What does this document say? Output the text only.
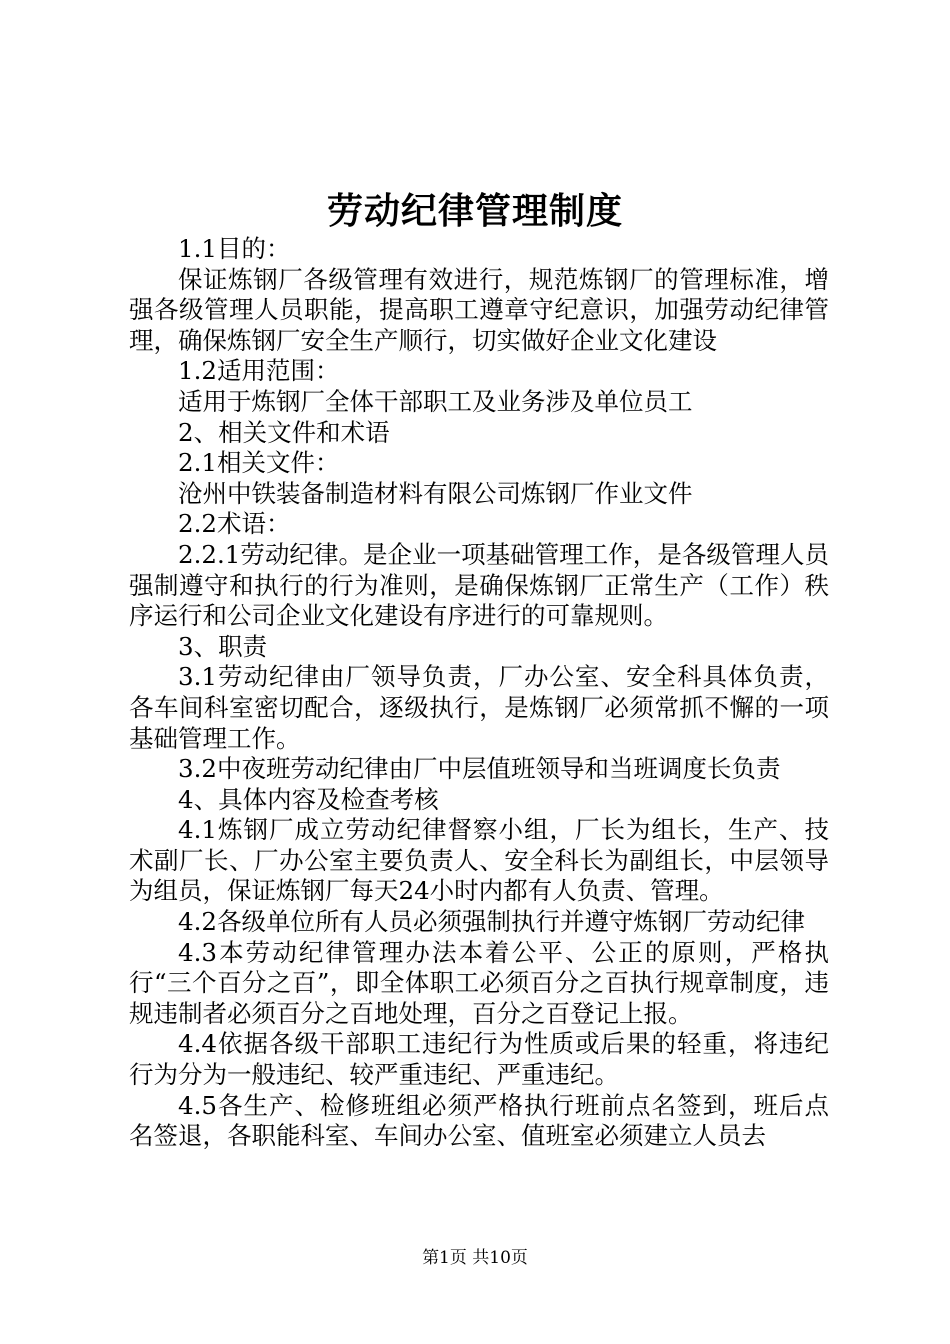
劳动纪律管理制度

1.1目的：

保证炼钢厂各级管理有效进行，规范炼钢厂的管理标准，增强各级管理人员职能，提高职工遵章守纪意识，加强劳动纪律管理，确保炼钢厂安全生产顺行，切实做好企业文化建设

1.2适用范围：

适用于炼钢厂全体干部职工及业务涉及单位员工

2、相关文件和术语

2.1相关文件：

沧州中铁装备制造材料有限公司炼钢厂作业文件

2.2术语：

2.2.1劳动纪律。是企业一项基础管理工作，是各级管理人员强制遵守和执行的行为准则，是确保炼钢厂正常生产（工作）秩序运行和公司企业文化建设有序进行的可靠规则。

3、职责

3.1劳动纪律由厂领导负责，厂办公室、安全科具体负责，各车间科室密切配合，逐级执行，是炼钢厂必须常抓不懈的一项基础管理工作。

3.2中夜班劳动纪律由厂中层值班领导和当班调度长负责

4、具体内容及检查考核

4.1炼钢厂成立劳动纪律督察小组，厂长为组长，生产、技术副厂长、厂办公室主要负责人、安全科长为副组长，中层领导为组员，保证炼钢厂每天24小时内都有人负责、管理。

4.2各级单位所有人员必须强制执行并遵守炼钢厂劳动纪律

4.3本劳动纪律管理办法本着公平、公正的原则，严格执行“三个百分之百”，即全体职工必须百分之百执行规章制度，违规违制者必须百分之百地处理，百分之百登记上报。

4.4依据各级干部职工违纪行为性质或后果的轻重，将违纪行为分为一般违纪、较严重违纪、严重违纪。

4.5各生产、检修班组必须严格执行班前点名签到，班后点名签退，各职能科室、车间办公室、值班室必须建立人员去

第1页 共10页
